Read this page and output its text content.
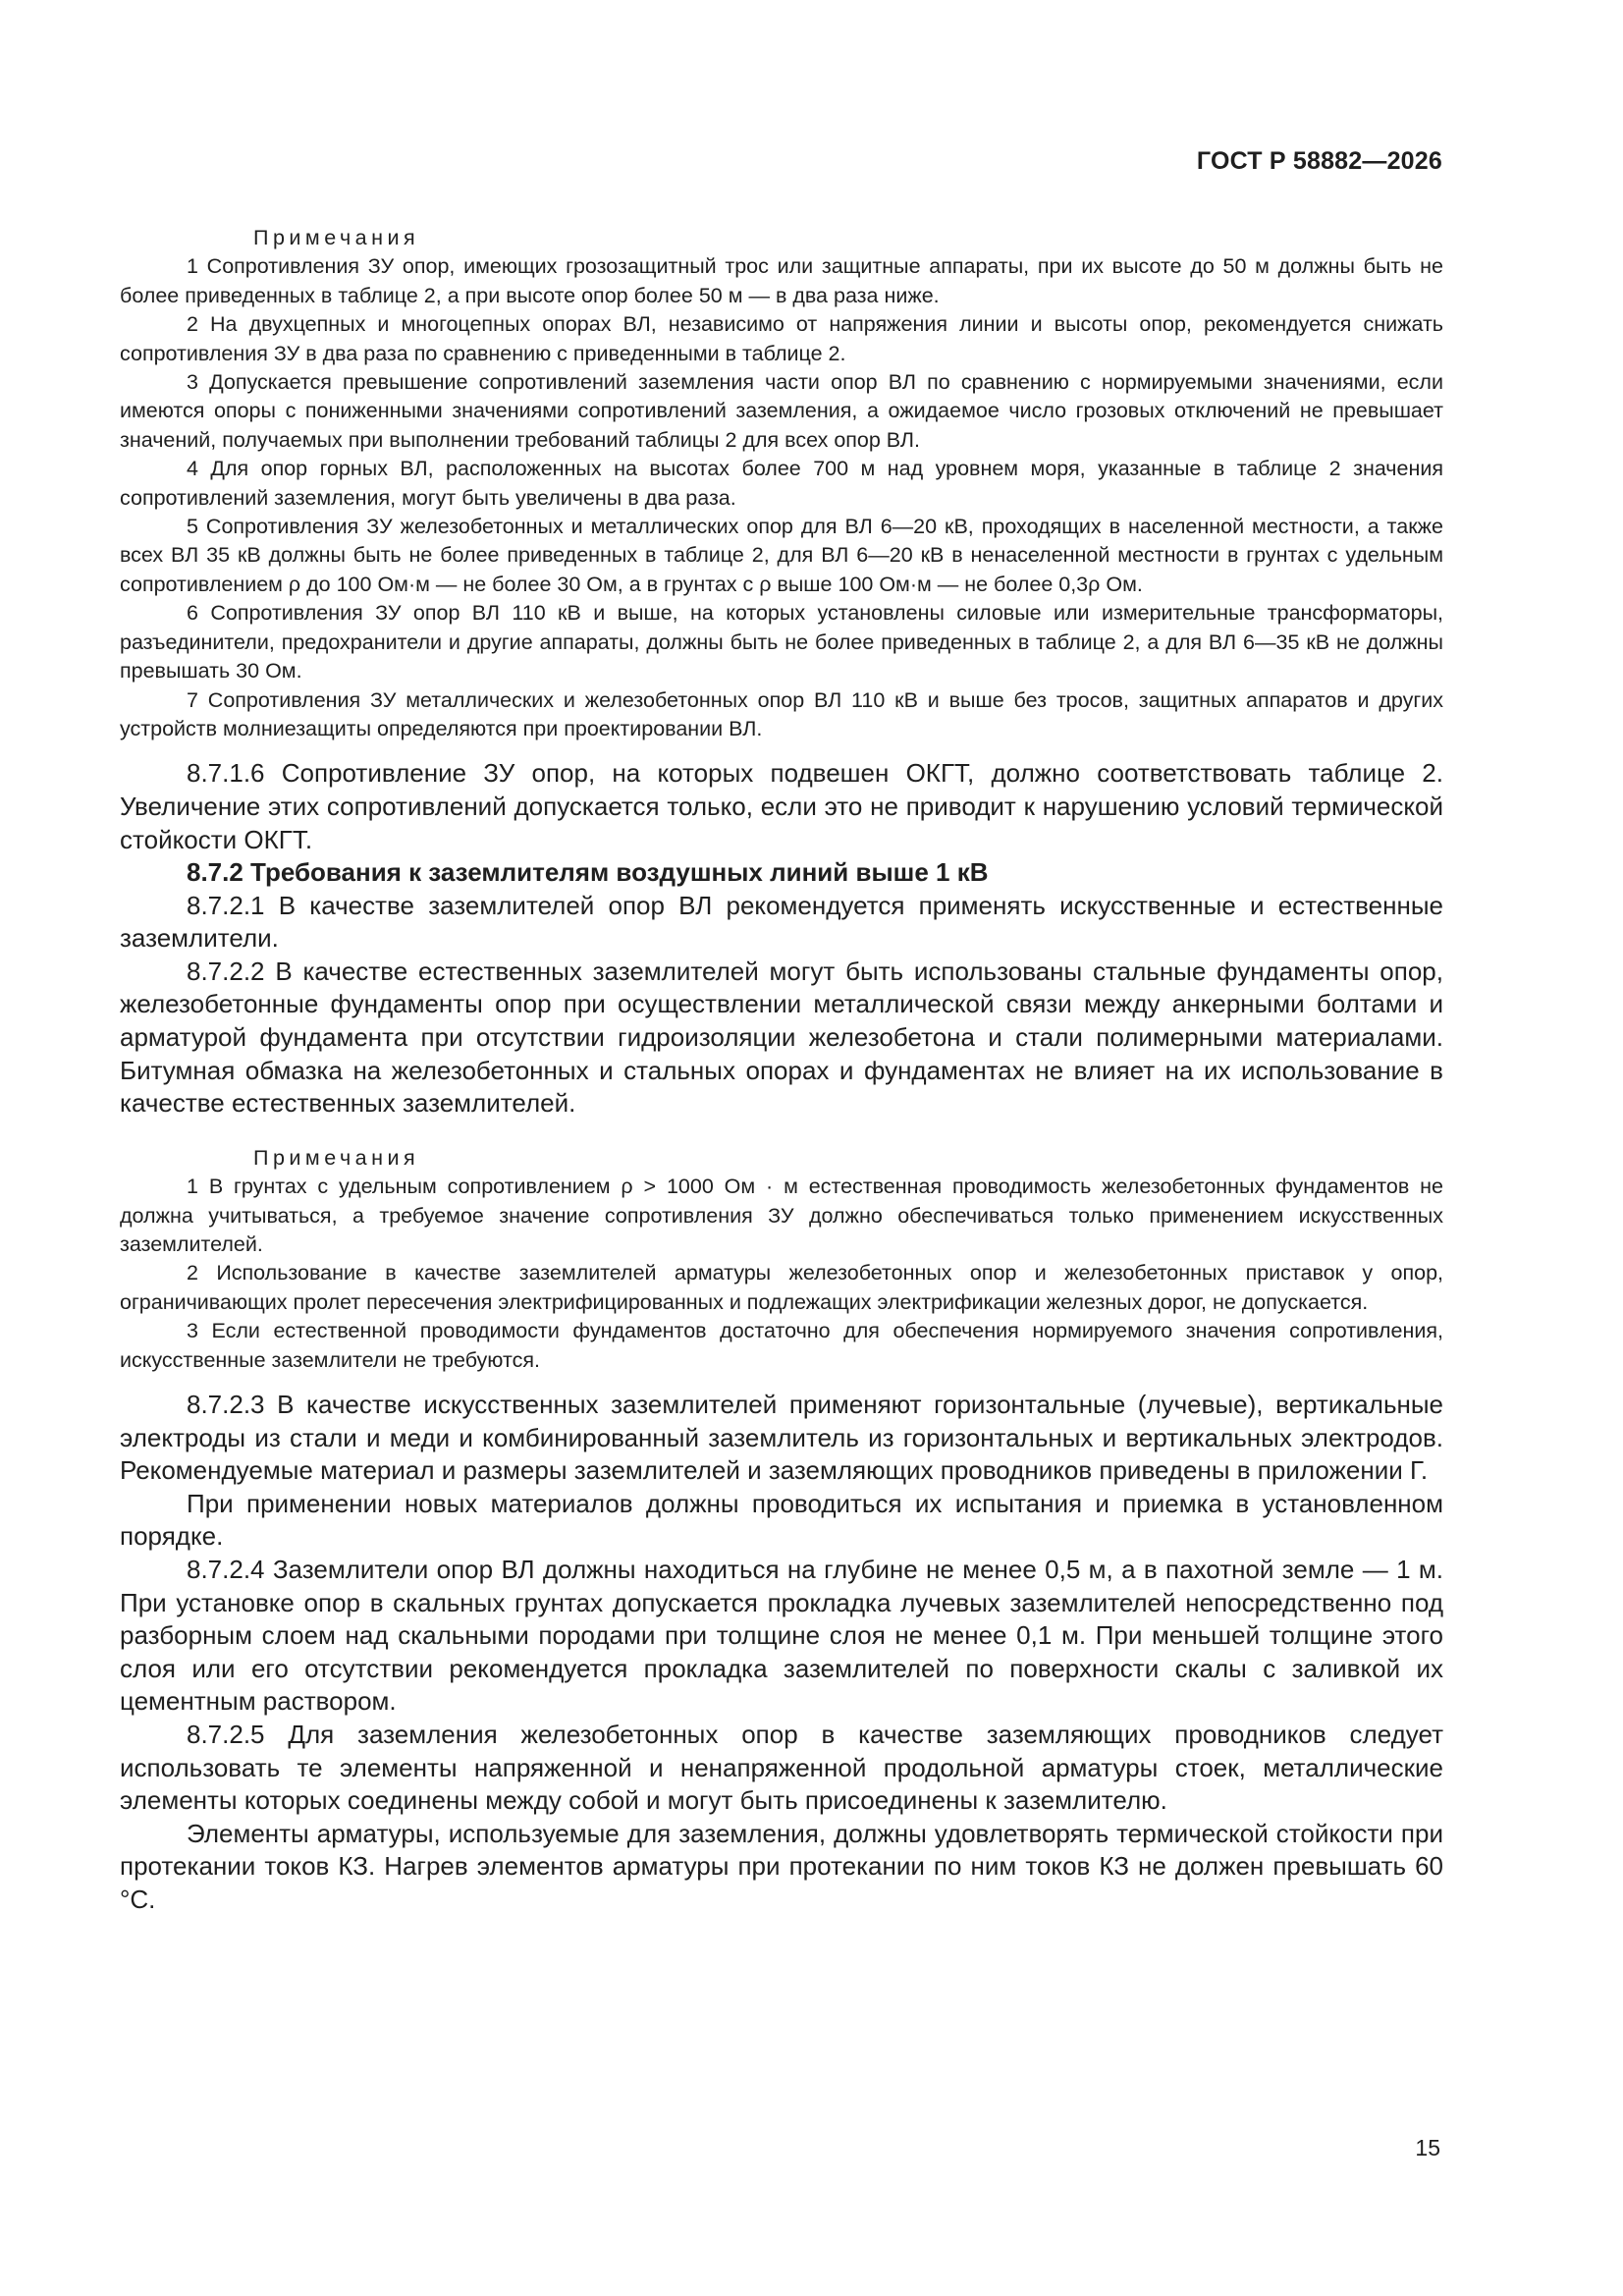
ГОСТ Р 58882—2026

Примечания

1 Сопротивления ЗУ опор, имеющих грозозащитный трос или защитные аппараты, при их высоте до 50 м должны быть не более приведенных в таблице 2, а при высоте опор более 50 м — в два раза ниже.

2 На двухцепных и многоцепных опорах ВЛ, независимо от напряжения линии и высоты опор, рекомендуется снижать сопротивления ЗУ в два раза по сравнению с приведенными в таблице 2.

3 Допускается превышение сопротивлений заземления части опор ВЛ по сравнению с нормируемыми значениями, если имеются опоры с пониженными значениями сопротивлений заземления, а ожидаемое число грозовых отключений не превышает значений, получаемых при выполнении требований таблицы 2 для всех опор ВЛ.

4 Для опор горных ВЛ, расположенных на высотах более 700 м над уровнем моря, указанные в таблице 2 значения сопротивлений заземления, могут быть увеличены в два раза.

5 Сопротивления ЗУ железобетонных и металлических опор для ВЛ 6—20 кВ, проходящих в населенной местности, а также всех ВЛ 35 кВ должны быть не более приведенных в таблице 2, для ВЛ 6—20 кВ в ненаселенной местности в грунтах с удельным сопротивлением ρ до 100 Ом·м — не более 30 Ом, а в грунтах с ρ выше 100 Ом·м — не более 0,3ρ Ом.

6 Сопротивления ЗУ опор ВЛ 110 кВ и выше, на которых установлены силовые или измерительные трансформаторы, разъединители, предохранители и другие аппараты, должны быть не более приведенных в таблице 2, а для ВЛ 6—35 кВ не должны превышать 30 Ом.

7 Сопротивления ЗУ металлических и железобетонных опор ВЛ 110 кВ и выше без тросов, защитных аппаратов и других устройств молниезащиты определяются при проектировании ВЛ.

8.7.1.6 Сопротивление ЗУ опор, на которых подвешен ОКГТ, должно соответствовать таблице 2. Увеличение этих сопротивлений допускается только, если это не приводит к нарушению условий термической стойкости ОКГТ.

8.7.2 Требования к заземлителям воздушных линий выше 1 кВ

8.7.2.1 В качестве заземлителей опор ВЛ рекомендуется применять искусственные и естественные заземлители.

8.7.2.2 В качестве естественных заземлителей могут быть использованы стальные фундаменты опор, железобетонные фундаменты опор при осуществлении металлической связи между анкерными болтами и арматурой фундамента при отсутствии гидроизоляции железобетона и стали полимерными материалами. Битумная обмазка на железобетонных и стальных опорах и фундаментах не влияет на их использование в качестве естественных заземлителей.

Примечания

1 В грунтах с удельным сопротивлением ρ > 1000 Ом · м естественная проводимость железобетонных фундаментов не должна учитываться, а требуемое значение сопротивления ЗУ должно обеспечиваться только применением искусственных заземлителей.

2 Использование в качестве заземлителей арматуры железобетонных опор и железобетонных приставок у опор, ограничивающих пролет пересечения электрифицированных и подлежащих электрификации железных дорог, не допускается.

3 Если естественной проводимости фундаментов достаточно для обеспечения нормируемого значения сопротивления, искусственные заземлители не требуются.

8.7.2.3 В качестве искусственных заземлителей применяют горизонтальные (лучевые), вертикальные электроды из стали и меди и комбинированный заземлитель из горизонтальных и вертикальных электродов. Рекомендуемые материал и размеры заземлителей и заземляющих проводников приведены в приложении Г.

При применении новых материалов должны проводиться их испытания и приемка в установленном порядке.

8.7.2.4 Заземлители опор ВЛ должны находиться на глубине не менее 0,5 м, а в пахотной земле — 1 м. При установке опор в скальных грунтах допускается прокладка лучевых заземлителей непосредственно под разборным слоем над скальными породами при толщине слоя не менее 0,1 м. При меньшей толщине этого слоя или его отсутствии рекомендуется прокладка заземлителей по поверхности скалы с заливкой их цементным раствором.

8.7.2.5 Для заземления железобетонных опор в качестве заземляющих проводников следует использовать те элементы напряженной и ненапряженной продольной арматуры стоек, металлические элементы которых соединены между собой и могут быть присоединены к заземлителю.

Элементы арматуры, используемые для заземления, должны удовлетворять термической стойкости при протекании токов КЗ. Нагрев элементов арматуры при протекании по ним токов КЗ не должен превышать 60 °С.

15
